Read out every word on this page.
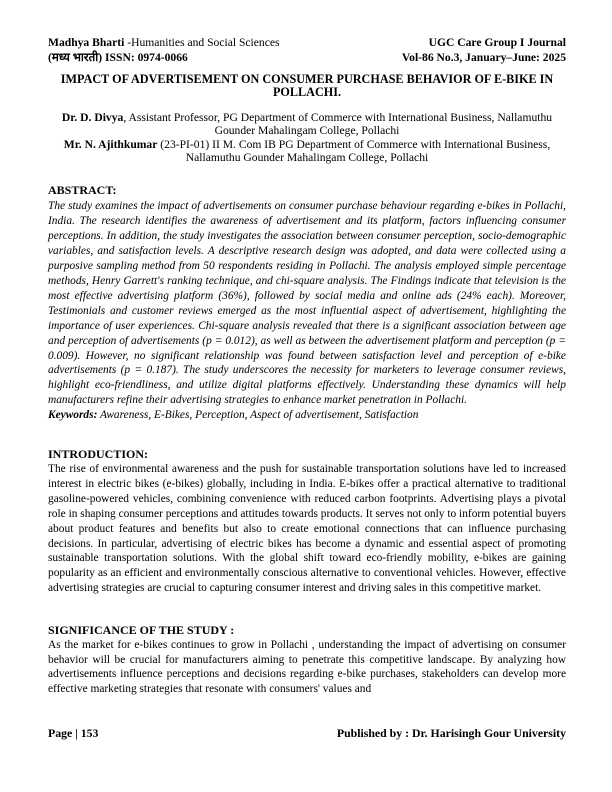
Madhya Bharti -Humanities and Social Sciences
(मध्य भारती) ISSN: 0974-0066
UGC Care Group I Journal
Vol-86 No.3, January–June: 2025
IMPACT OF ADVERTISEMENT ON CONSUMER PURCHASE BEHAVIOR OF E-BIKE IN POLLACHI.

Dr. D. Divya, Assistant Professor, PG Department of Commerce with International Business, Nallamuthu Gounder Mahalingam College, Pollachi

Mr. N. Ajithkumar (23-PI-01) II M. Com IB PG Department of Commerce with International Business, Nallamuthu Gounder Mahalingam College, Pollachi

ABSTRACT:
The study examines the impact of advertisements on consumer purchase behaviour regarding e-bikes in Pollachi, India. The research identifies the awareness of advertisement and its platform, factors influencing consumer perceptions. In addition, the study investigates the association between consumer perception, socio-demographic variables, and satisfaction levels. A descriptive research design was adopted, and data were collected using a purposive sampling method from 50 respondents residing in Pollachi. The analysis employed simple percentage methods, Henry Garrett's ranking technique, and chi-square analysis. The Findings indicate that television is the most effective advertising platform (36%), followed by social media and online ads (24% each). Moreover, Testimonials and customer reviews emerged as the most influential aspect of advertisement, highlighting the importance of user experiences. Chi-square analysis revealed that there is a significant association between age and perception of advertisements (p = 0.012), as well as between the advertisement platform and perception (p = 0.009). However, no significant relationship was found between satisfaction level and perception of e-bike advertisements (p = 0.187). The study underscores the necessity for marketers to leverage consumer reviews, highlight eco-friendliness, and utilize digital platforms effectively. Understanding these dynamics will help manufacturers refine their advertising strategies to enhance market penetration in Pollachi.
Keywords: Awareness, E-Bikes, Perception, Aspect of advertisement, Satisfaction
INTRODUCTION:
The rise of environmental awareness and the push for sustainable transportation solutions have led to increased interest in electric bikes (e-bikes) globally, including in India. E-bikes offer a practical alternative to traditional gasoline-powered vehicles, combining convenience with reduced carbon footprints. Advertising plays a pivotal role in shaping consumer perceptions and attitudes towards products. It serves not only to inform potential buyers about product features and benefits but also to create emotional connections that can influence purchasing decisions. In particular, advertising of electric bikes has become a dynamic and essential aspect of promoting sustainable transportation solutions. With the global shift toward eco-friendly mobility, e-bikes are gaining popularity as an efficient and environmentally conscious alternative to conventional vehicles. However, effective advertising strategies are crucial to capturing consumer interest and driving sales in this competitive market.
SIGNIFICANCE OF THE STUDY :
As the market for e-bikes continues to grow in Pollachi , understanding the impact of advertising on consumer behavior will be crucial for manufacturers aiming to penetrate this competitive landscape. By analyzing how advertisements influence perceptions and decisions regarding e-bike purchases, stakeholders can develop more effective marketing strategies that resonate with consumers' values and
Page | 153	Published by : Dr. Harisingh Gour University
